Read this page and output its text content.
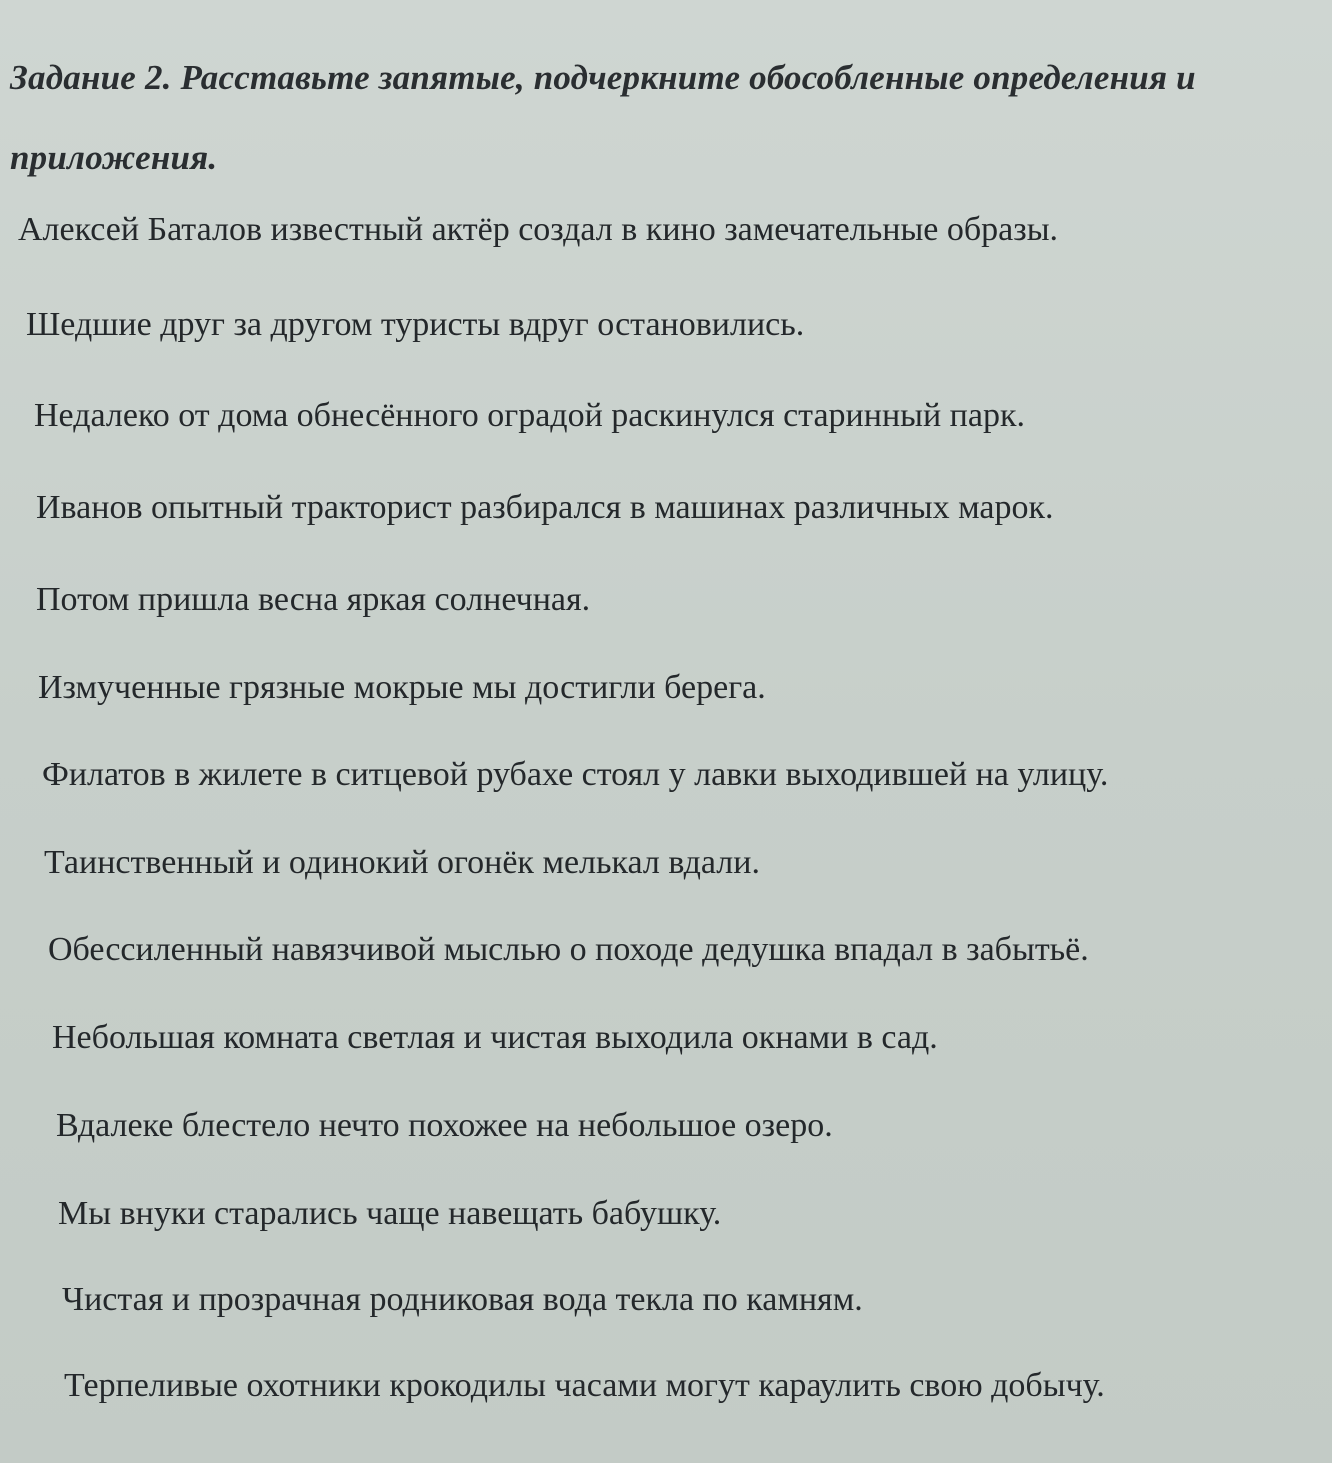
Задание 2. Расставьте запятые, подчеркните обособленные определения и приложения.

Алексей Баталов известный актёр создал в кино замечательные образы.

Шедшие друг за другом туристы вдруг остановились.

Недалеко от дома обнесённого оградой раскинулся старинный парк.

Иванов опытный тракторист разбирался в машинах различных марок.

Потом пришла весна яркая солнечная.

Измученные грязные мокрые мы достигли берега.

Филатов в жилете в ситцевой рубахе стоял у лавки выходившей на улицу.

Таинственный и одинокий огонёк мелькал вдали.

Обессиленный навязчивой мыслью о походе дедушка впадал в забытьё.

Небольшая комната светлая и чистая выходила окнами в сад.

Вдалеке блестело нечто похожее на небольшое озеро.

Мы внуки старались чаще навещать бабушку.

Чистая и прозрачная родниковая вода текла по камням.

Терпеливые охотники крокодилы часами могут караулить свою добычу.
